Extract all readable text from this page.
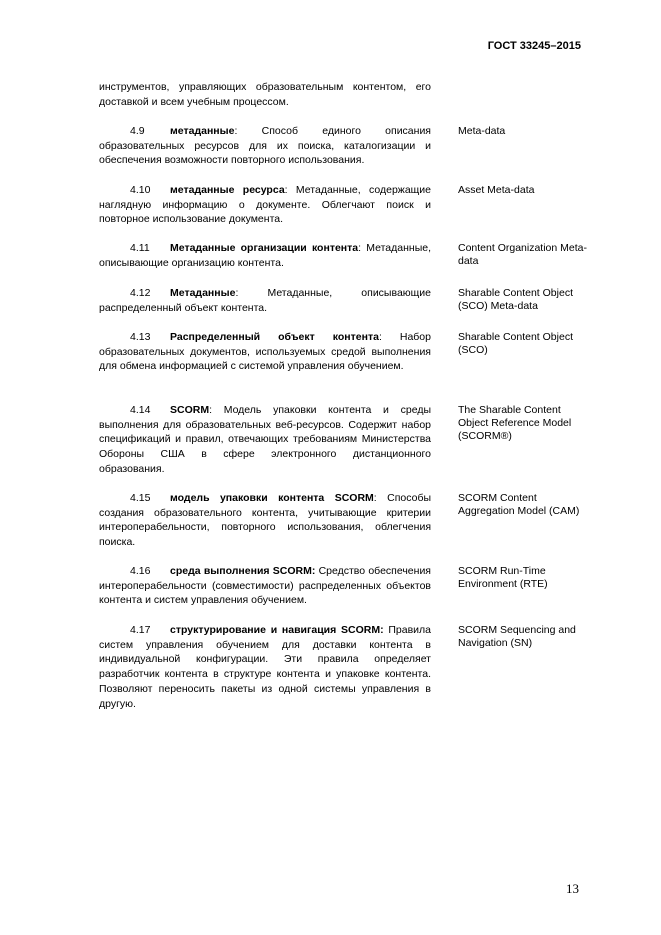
ГОСТ 33245–2015
инструментов, управляющих образовательным контентом, его доставкой и всем учебным процессом.
4.9 метаданные: Способ единого описания образовательных ресурсов для их поиска, каталогизации и обеспечения возможности повторного использования.
Meta-data
4.10 метаданные ресурса: Метаданные, содержащие наглядную информацию о документе. Облегчают поиск и повторное использование документа.
Asset Meta-data
4.11 Метаданные организации контента: Метаданные, описывающие организацию контента.
Content Organization Meta-data
4.12 Метаданные: Метаданные, описывающие распределенный объект контента.
Sharable Content Object (SCO) Meta-data
4.13 Распределенный объект контента: Набор образовательных документов, используемых средой выполнения для обмена информацией с системой управления обучением.
Sharable Content Object (SCO)
4.14 SCORM: Модель упаковки контента и среды выполнения для образовательных веб-ресурсов. Содержит набор спецификаций и правил, отвечающих требованиям Министерства Обороны США в сфере электронного дистанционного образования.
The Sharable Content Object Reference Model (SCORM®)
4.15 модель упаковки контента SCORM: Способы создания образовательного контента, учитывающие критерии интероперабельности, повторного использования, облегчения поиска.
SCORM Content Aggregation Model (CAM)
4.16 среда выполнения SCORM: Средство обеспечения интероперабельности (совместимости) распределенных объектов контента и систем управления обучением.
SCORM Run-Time Environment (RTE)
4.17 структурирование и навигация SCORM: Правила систем управления обучением для доставки контента в индивидуальной конфигурации. Эти правила определяет разработчик контента в структуре контента и упаковке контента. Позволяют переносить пакеты из одной системы управления в другую.
SCORM Sequencing and Navigation (SN)
13
